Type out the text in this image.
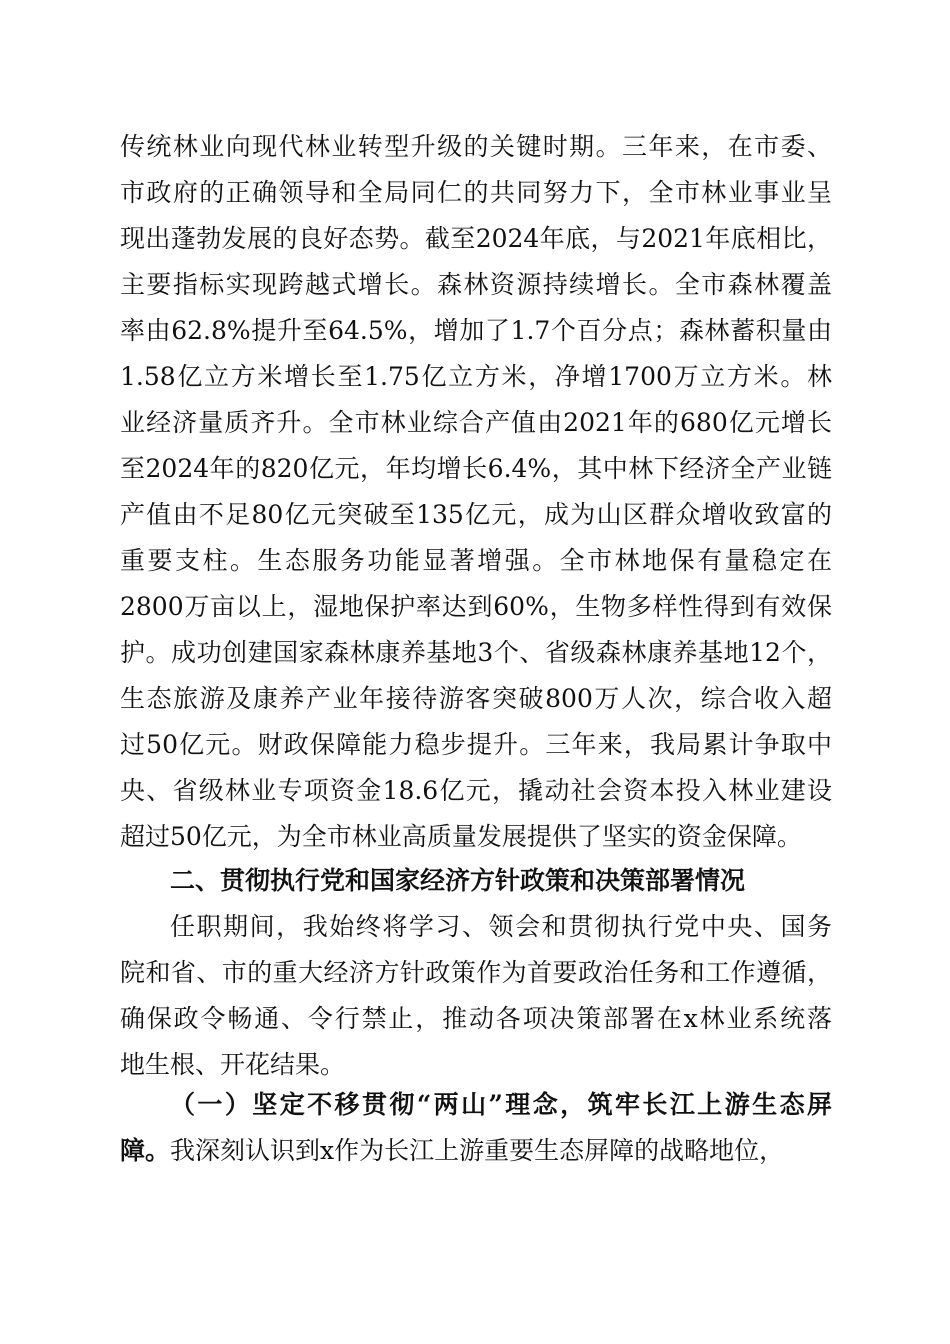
传统林业向现代林业转型升级的关键时期。三年来，在市委、
市政府的正确领导和全局同仁的共同努力下，全市林业事业呈
现出蓬勃发展的良好态势。截至2024年底，与2021年底相比，
主要指标实现跨越式增长。森林资源持续增长。全市森林覆盖
率由62.8%提升至64.5%，增加了1.7个百分点；森林蓄积量由
1.58亿立方米增长至1.75亿立方米，净增1700万立方米。林
业经济量质齐升。全市林业综合产值由2021年的680亿元增长
至2024年的820亿元，年均增长6.4%，其中林下经济全产业链
产值由不足80亿元突破至135亿元，成为山区群众增收致富的
重要支柱。生态服务功能显著增强。全市林地保有量稳定在
2800万亩以上，湿地保护率达到60%，生物多样性得到有效保
护。成功创建国家森林康养基地3个、省级森林康养基地12个，
生态旅游及康养产业年接待游客突破800万人次，综合收入超
过50亿元。财政保障能力稳步提升。三年来，我局累计争取中
央、省级林业专项资金18.6亿元，撬动社会资本投入林业建设
超过50亿元，为全市林业高质量发展提供了坚实的资金保障。
二、贯彻执行党和国家经济方针政策和决策部署情况
任职期间，我始终将学习、领会和贯彻执行党中央、国务
院和省、市的重大经济方针政策作为首要政治任务和工作遵循，
确保政令畅通、令行禁止，推动各项决策部署在x林业系统落
地生根、开花结果。
（一）坚定不移贯彻“两山”理念，筑牢长江上游生态屏
障。我深刻认识到x作为长江上游重要生态屏障的战略地位，
